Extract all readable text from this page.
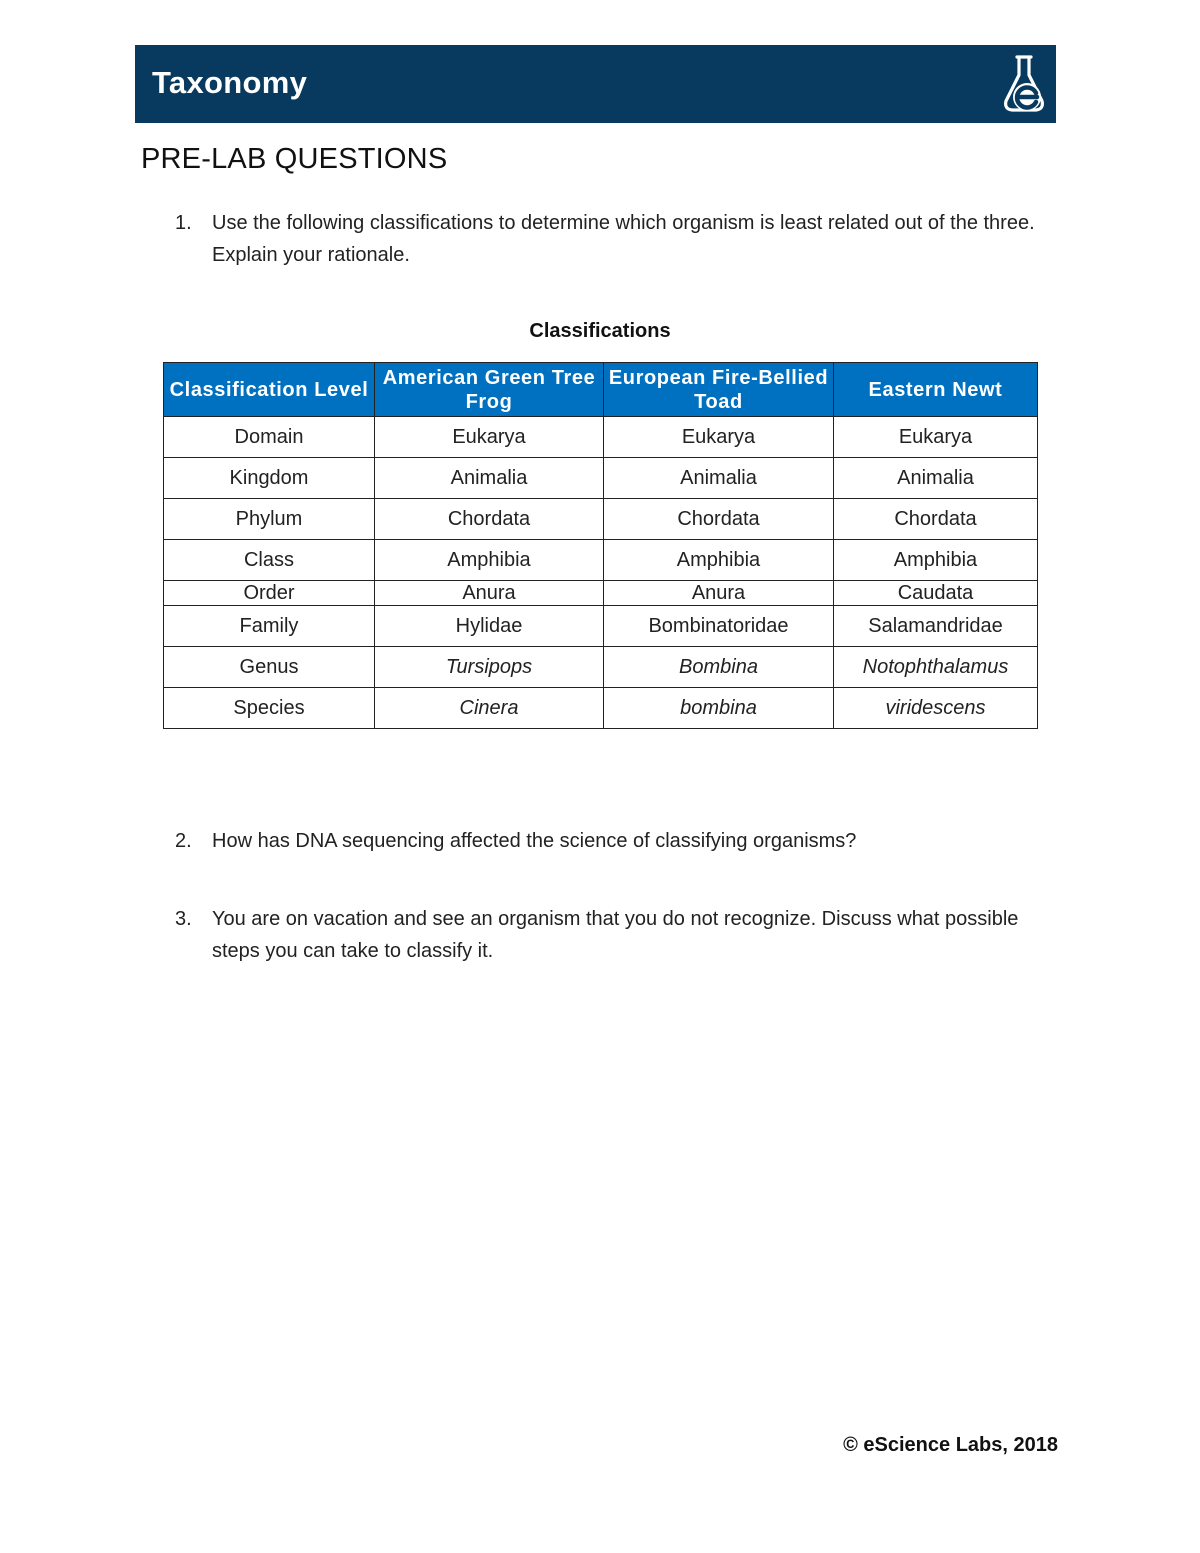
Taxonomy
PRE-LAB QUESTIONS
1. Use the following classifications to determine which organism is least related out of the three. Explain your rationale.
Classifications
Classification Level	American Green Tree Frog	European Fire-Bellied Toad	Eastern Newt
Domain	Eukarya	Eukarya	Eukarya
Kingdom	Animalia	Animalia	Animalia
Phylum	Chordata	Chordata	Chordata
Class	Amphibia	Amphibia	Amphibia
Order	Anura	Anura	Caudata
Family	Hylidae	Bombinatoridae	Salamandridae
Genus	Tursipops	Bombina	Notophthalamus
Species	Cinera	bombina	viridescens
2. How has DNA sequencing affected the science of classifying organisms?
3. You are on vacation and see an organism that you do not recognize. Discuss what possible steps you can take to classify it.
© eScience Labs, 2018
